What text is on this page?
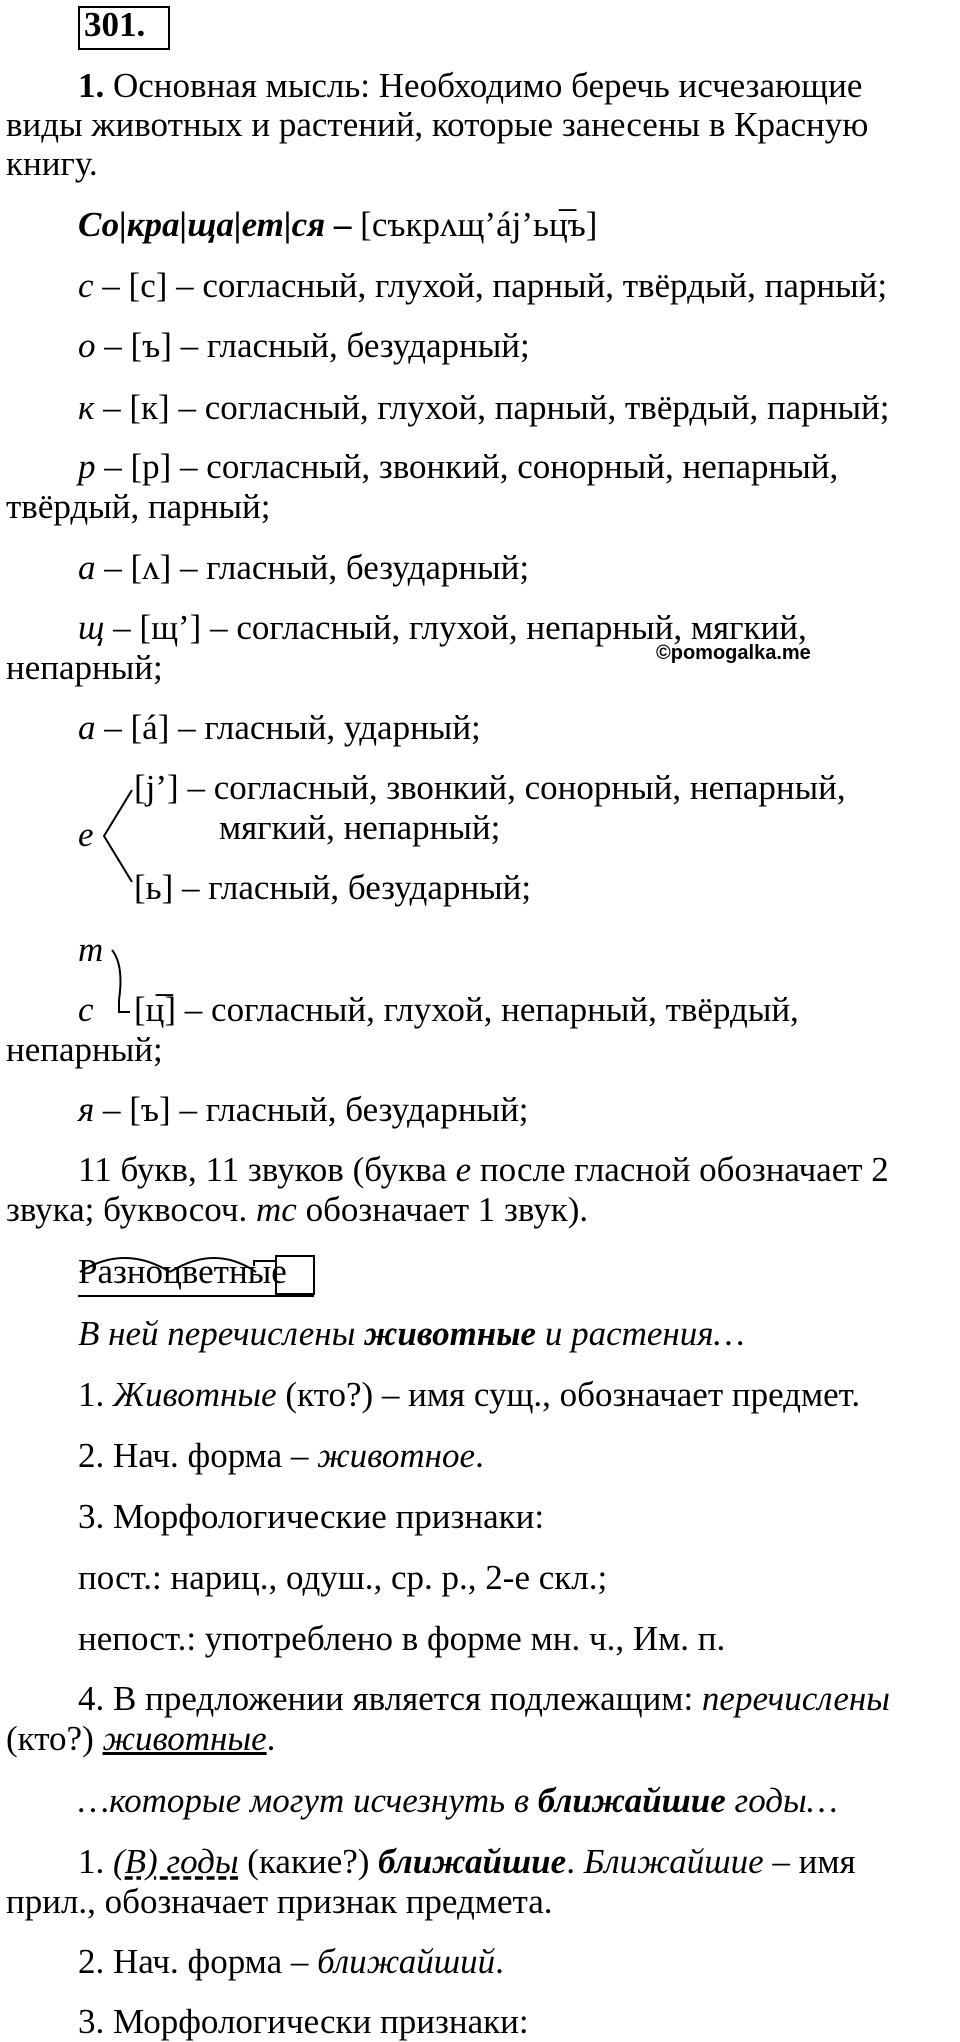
301.
1. Основная мысль: Необходимо беречь исчезающие
виды животных и растений, которые занесены в Красную
книгу.
Со|кра|ща|ет|ся – [съкрʌщ’áj’ьц̅ъ]
с – [с] – согласный, глухой, парный, твёрдый, парный;
о – [ъ] – гласный, безударный;
к – [к] – согласный, глухой, парный, твёрдый, парный;
р – [р] – согласный, звонкий, сонорный, непарный,
твёрдый, парный;
а – [ʌ] – гласный, безударный;
щ – [щ’] – согласный, глухой, непарный, мягкий,
непарный;	©pomogalka.me
а – [á] – гласный, ударный;
е
[j’] – согласный, звонкий, сонорный, непарный,
мягкий, непарный;
[ь] – гласный, безударный;
т
с [ц̅] – согласный, глухой, непарный, твёрдый,
непарный;
я – [ъ] – гласный, безударный;
11 букв, 11 звуков (буква е после гласной обозначает 2
звука; буквосоч. тс обозначает 1 звук).
Разноцветные
В ней перечислены животные и растения…
1. Животные (кто?) – имя сущ., обозначает предмет.
2. Нач. форма – животное.
3. Морфологические признаки:
пост.: нариц., одуш., ср. р., 2-е скл.;
непост.: употреблено в форме мн. ч., Им. п.
4. В предложении является подлежащим: перечислены
(кто?) животные.
…которые могут исчезнуть в ближайшие годы…
1. (В) годы (какие?) ближайшие. Ближайшие – имя
прил., обозначает признак предмета.
2. Нач. форма – ближайший.
3. Морфологически признаки:
